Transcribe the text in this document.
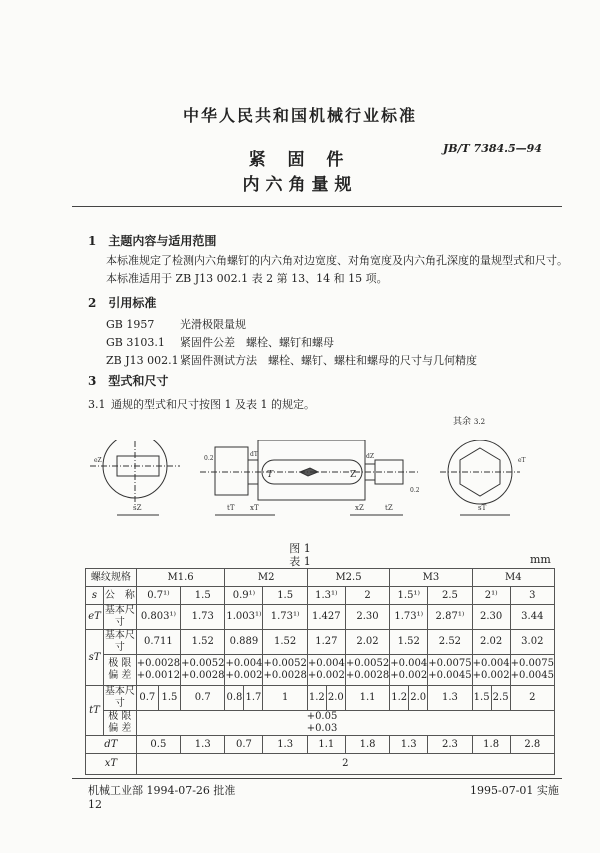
中华人民共和国机械行业标准
JB/T 7384.5—94
紧 固 件
内六角量规
1  主题内容与适用范围
本标准规定了检测内六角螺钉的内六角对边宽度、对角宽度及内六角孔深度的量规型式和尺寸。
本标准适用于 ZB J13 002.1 表 2 第 13、14 和 15 项。
2  引用标准
GB 1957 光滑极限量规
GB 3103.1 紧固件公差　螺栓、螺钉和螺母
ZB J13 002.1紧固件测试方法　螺栓、螺钉、螺柱和螺母的尺寸与几何精度
3  型式和尺寸
3.1  通规的型式和尺寸按图 1 及表 1 的规定。
其余 3.2
sZ	tT xT	xZ	tZ	sT
T	Z
dT	dZ
eZ	eT
0.2
0.2
图 1
表 1	mm
螺纹规格	M1.6	M2	M2.5	M3	M4
s	公　称	0.7¹⁾	1.5	0.9¹⁾	1.5	1.3¹⁾	2	1.5¹⁾	2.5	2¹⁾	3
eT	基本尺寸	0.803¹⁾	1.73	1.003¹⁾	1.73¹⁾	1.427	2.30	1.73¹⁾	2.87¹⁾	2.30	3.44
sT	基本尺寸	0.711	1.52	0.889	1.52	1.27	2.02	1.52	2.52	2.02	3.02
极 限 偏 差	
+0.0028
+0.0012

+0.0052
+0.0028

+0.004
+0.002

+0.0052
+0.0028

+0.004
+0.002

+0.0052
+0.0028

+0.004
+0.002

+0.0075
+0.0045

+0.004
+0.002

+0.0075
+0.0045

tT	基本尺寸	0.7	1.5	0.7	0.8	1.7	1	1.2	2.0	1.1	1.2	2.0	1.3	1.5	2.5	2
极 限 偏 差	
+0.05
+0.03

dT	0.5	1.3	0.7	1.3	1.1	1.8	1.3	2.3	1.8	2.8
xT	2
机械工业部 1994-07-26 批准	1995-07-01 实施
12
